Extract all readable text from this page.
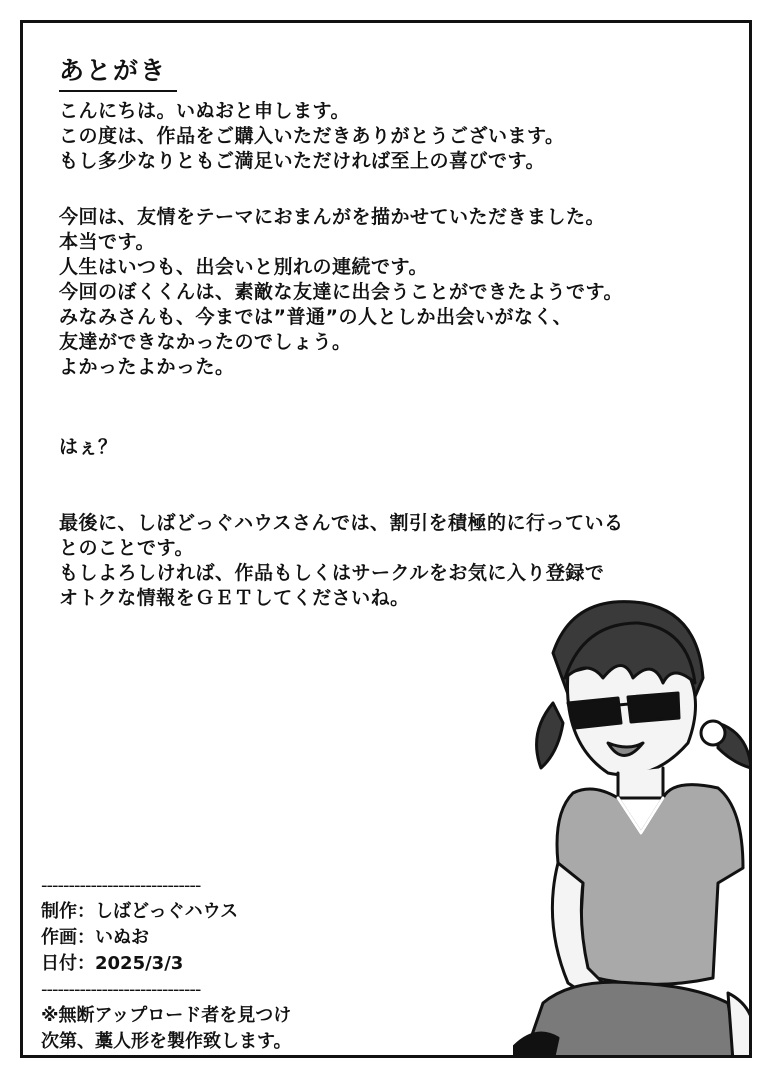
あとがき
こんにちは。いぬおと申します。
この度は、作品をご購入いただきありがとうございます。
もし多少なりともご満足いただければ至上の喜びです。
今回は、友情をテーマにおまんがを描かせていただきました。
本当です。
人生はいつも、出会いと別れの連続です。
今回のぼくくんは、素敵な友達に出会うことができたようです。
みなみさんも、今までは”普通”の人としか出会いがなく、
友達ができなかったのでしょう。
よかったよかった。
はぇ？
最後に、しばどっぐハウスさんでは、割引を積極的に行っている
とのことです。
もしよろしければ、作品もしくはサークルをお気に入り登録で
オトクな情報をＧＥＴしてくださいね。
-----------------------------
制作：しばどっぐハウス
作画：いぬお
日付：2025/3/3

-----------------------------
※無断アップロード者を見つけ
次第、藁人形を製作致します。
